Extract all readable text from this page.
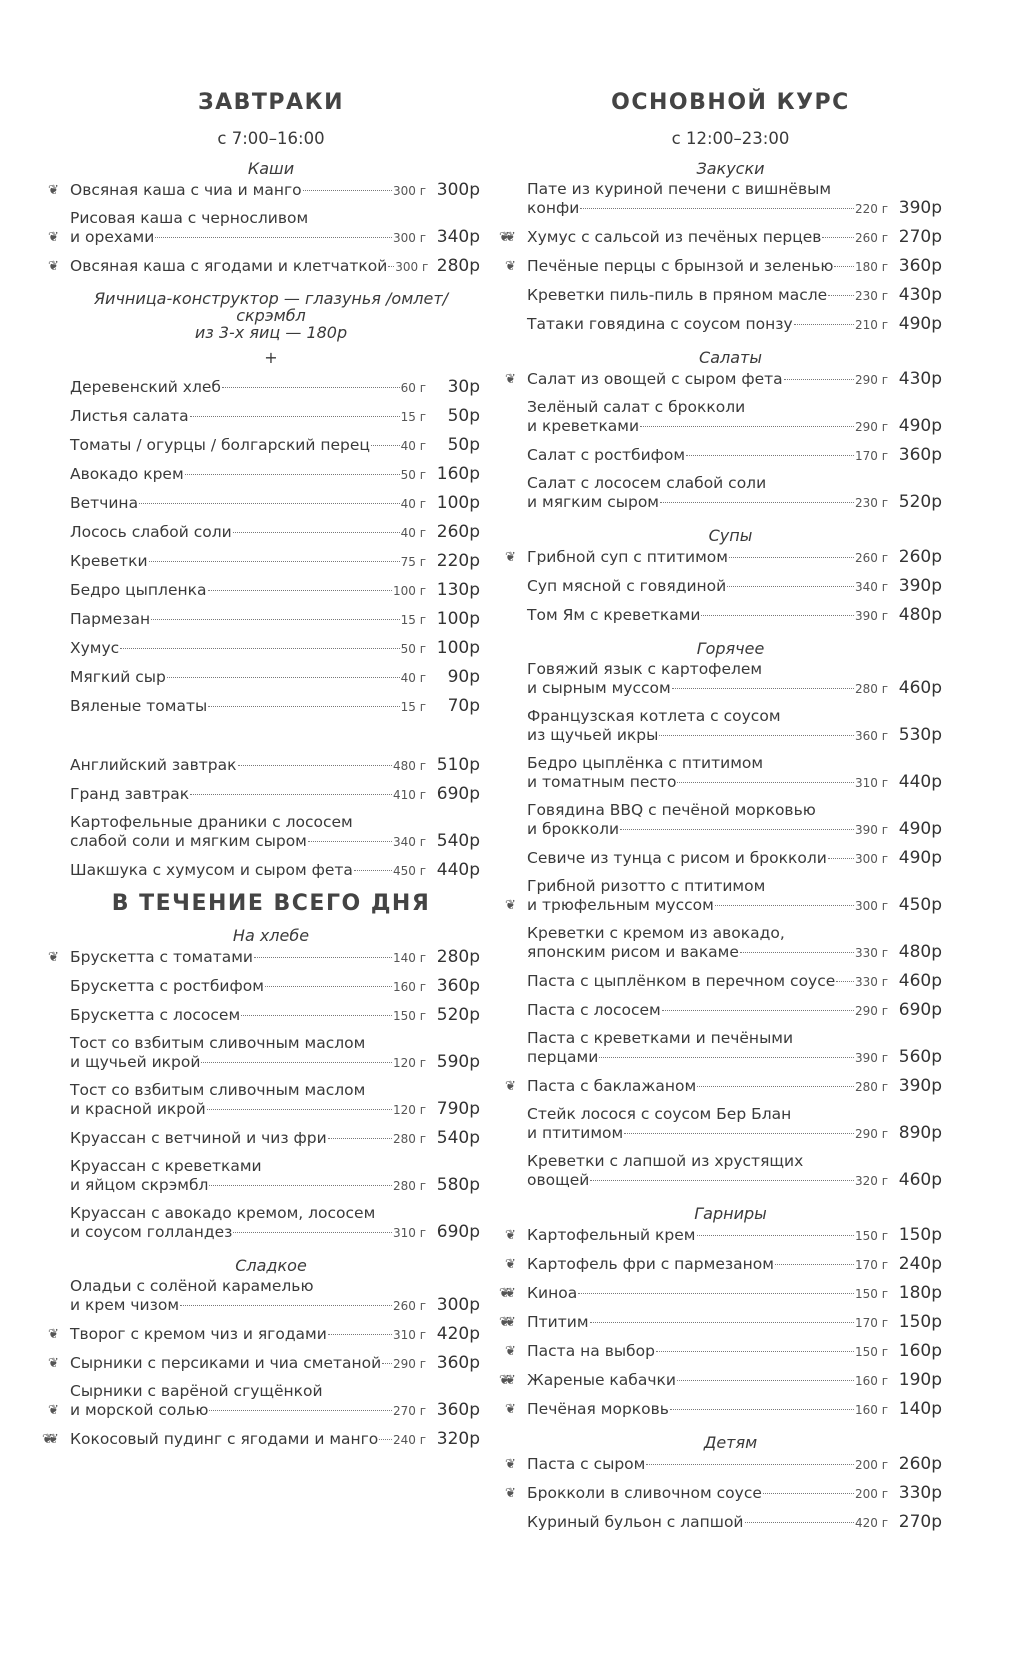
ЗАВТРАКИ
с 7:00–16:00
Каши
❦ Овсяная каша с чиа и манго	300 г 300р
❦
Рисовая каша с черносливом
и орехами	300 г 340р
❦ Овсяная каша с ягодами и клетчаткой 300 г 280р
Яичница-конструктор — глазунья /омлет/ скрэмбл
из 3-х яиц — 180р
+
Деревенский хлеб	60 г	30р
Листья салата	15 г	50р
Томаты / огурцы / болгарский перец	40 г	50р
Авокадо крем	50 г 160р
Ветчина	40 г 100р
Лосось слабой соли	40 г 260р
Креветки	75 г 220р
Бедро цыпленка	100 г 130р
Пармезан	15 г 100р
Хумус	50 г 100р
Мягкий сыр	40 г	90р
Вяленые томаты	15 г	70р
Английский завтрак	480 г 510р
Гранд завтрак	410 г 690р
Картофельные драники с лососем
слабой соли и мягким сыром	340 г 540р
Шакшука с хумусом и сыром фета	450 г 440р
В ТЕЧЕНИЕ ВСЕГО ДНЯ
На хлебе
❦ Брускетта с томатами	140 г 280р
Брускетта с ростбифом	160 г 360р
Брускетта с лососем	150 г 520р
Тост со взбитым сливочным маслом
и щучьей икрой	120 г 590р
Тост со взбитым сливочным маслом
и красной икрой	120 г 790р
Круассан с ветчиной и чиз фри	280 г 540р
Круассан с креветками
и яйцом скрэмбл	280 г 580р
Круассан с авокадо кремом, лососем
и соусом голландез	310 г 690р
Сладкое
Оладьи с солёной карамелью
и крем чизом	260 г 300р
❦ Творог с кремом чиз и ягодами	310 г 420р
❦ Сырники с персиками и чиа сметаной 290 г 360р
❦
Сырники с варёной сгущёнкой
и морской солью	270 г 360р
❦❦ Кокосовый пудинг с ягодами и манго 240 г 320р
ОСНОВНОЙ КУРС
с 12:00–23:00
Закуски
Пате из куриной печени с вишнёвым
конфи	220 г 390р
❦❦ Хумус с сальсой из печёных перцев	260 г 270р
❦ Печёные перцы с брынзой и зеленью 180 г 360р
Креветки пиль-пиль в пряном масле 230 г 430р
Татаки говядина с соусом понзу	210 г 490р
Салаты
❦ Салат из овощей с сыром фета	290 г 430р
Зелёный салат с брокколи
и креветками	290 г 490р
Салат с ростбифом	170 г 360р
Салат с лососем слабой соли
и мягким сыром	230 г 520р
Супы
❦ Грибной суп с птитимом	260 г 260р
Суп мясной с говядиной	340 г 390р
Том Ям с креветками	390 г 480р
Горячее
Говяжий язык с картофелем
и сырным муссом	280 г 460р
Французская котлета с соусом
из щучьей икры	360 г 530р
Бедро цыплёнка с птитимом
и томатным песто	310 г 440р
Говядина BBQ с печёной морковью
и брокколи	390 г 490р
Севиче из тунца с рисом и брокколи 300 г 490р
❦
Грибной ризотто с птитимом
и трюфельным муссом	300 г 450р
Креветки с кремом из авокадо,
японским рисом и вакаме	330 г 480р
Паста с цыплёнком в перечном соусе 330 г 460р
Паста с лососем	290 г 690р
Паста с креветками и печёными
перцами	390 г 560р
❦ Паста с баклажаном	280 г 390р
Стейк лосося с соусом Бер Блан
и птитимом	290 г 890р
Креветки с лапшой из хрустящих
овощей	320 г 460р
Гарниры
❦ Картофельный крем	150 г 150р
❦ Картофель фри с пармезаном	170 г 240р
❦❦ Киноа	150 г 180р
❦❦ Птитим	170 г 150р
❦ Паста на выбор	150 г 160р
❦❦ Жареные кабачки	160 г 190р
❦ Печёная морковь	160 г 140р
Детям
❦ Паста с сыром	200 г 260р
❦ Брокколи в сливочном соусе	200 г 330р
Куриный бульон с лапшой	420 г 270р
